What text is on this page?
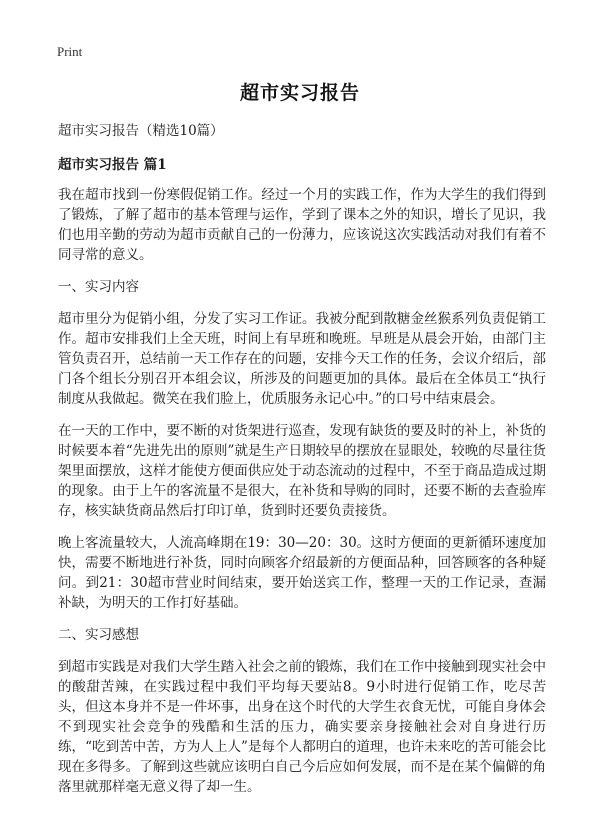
Print
超市实习报告
超市实习报告（精选10篇）
超市实习报告 篇1

我在超市找到一份寒假促销工作。经过一个月的实践工作，作为大学生的我们得到了锻炼，了解了超市的基本管理与运作，学到了课本之外的知识，增长了见识，我们也用辛勤的劳动为超市贡献自己的一份薄力，应该说这次实践活动对我们有着不同寻常的意义。

一、实习内容

超市里分为促销小组，分发了实习工作证。我被分配到散糖金丝猴系列负责促销工作。超市安排我们上全天班，时间上有早班和晚班。早班是从晨会开始，由部门主管负责召开，总结前一天工作存在的问题，安排今天工作的任务，会议介绍后，部门各个组长分别召开本组会议，所涉及的问题更加的具体。最后在全体员工“执行制度从我做起。微笑在我们脸上，优质服务永记心中。”的口号中结束晨会。

在一天的工作中，要不断的对货架进行巡查，发现有缺货的要及时的补上，补货的时候要本着“先进先出的原则”就是生产日期较早的摆放在显眼处，较晚的尽量往货架里面摆放，这样才能使方便面供应处于动态流动的过程中，不至于商品造成过期的现象。由于上午的客流量不是很大，在补货和导购的同时，还要不断的去查验库存，核实缺货商品然后打印订单，货到时还要负责接货。

晚上客流量较大，人流高峰期在19：30—20：30。这时方便面的更新循环速度加快，需要不断地进行补货，同时向顾客介绍最新的方便面品种，回答顾客的各种疑问。到21：30超市营业时间结束，要开始送宾工作，整理一天的工作记录，查漏补缺，为明天的工作打好基础。

二、实习感想

到超市实践是对我们大学生踏入社会之前的锻炼，我们在工作中接触到现实社会中的酸甜苦辣，在实践过程中我们平均每天要站8。9小时进行促销工作，吃尽苦头，但这本身并不是一件坏事，出身在这个时代的大学生衣食无忧，可能自身体会不到现实社会竞争的残酷和生活的压力，确实要亲身接触社会对自身进行历练，“吃到苦中苦，方为人上人”是每个人都明白的道理，也许未来吃的苦可能会比现在多得多。了解到这些就应该明白自己今后应如何发展，而不是在某个偏僻的角落里就那样毫无意义得了却一生。
